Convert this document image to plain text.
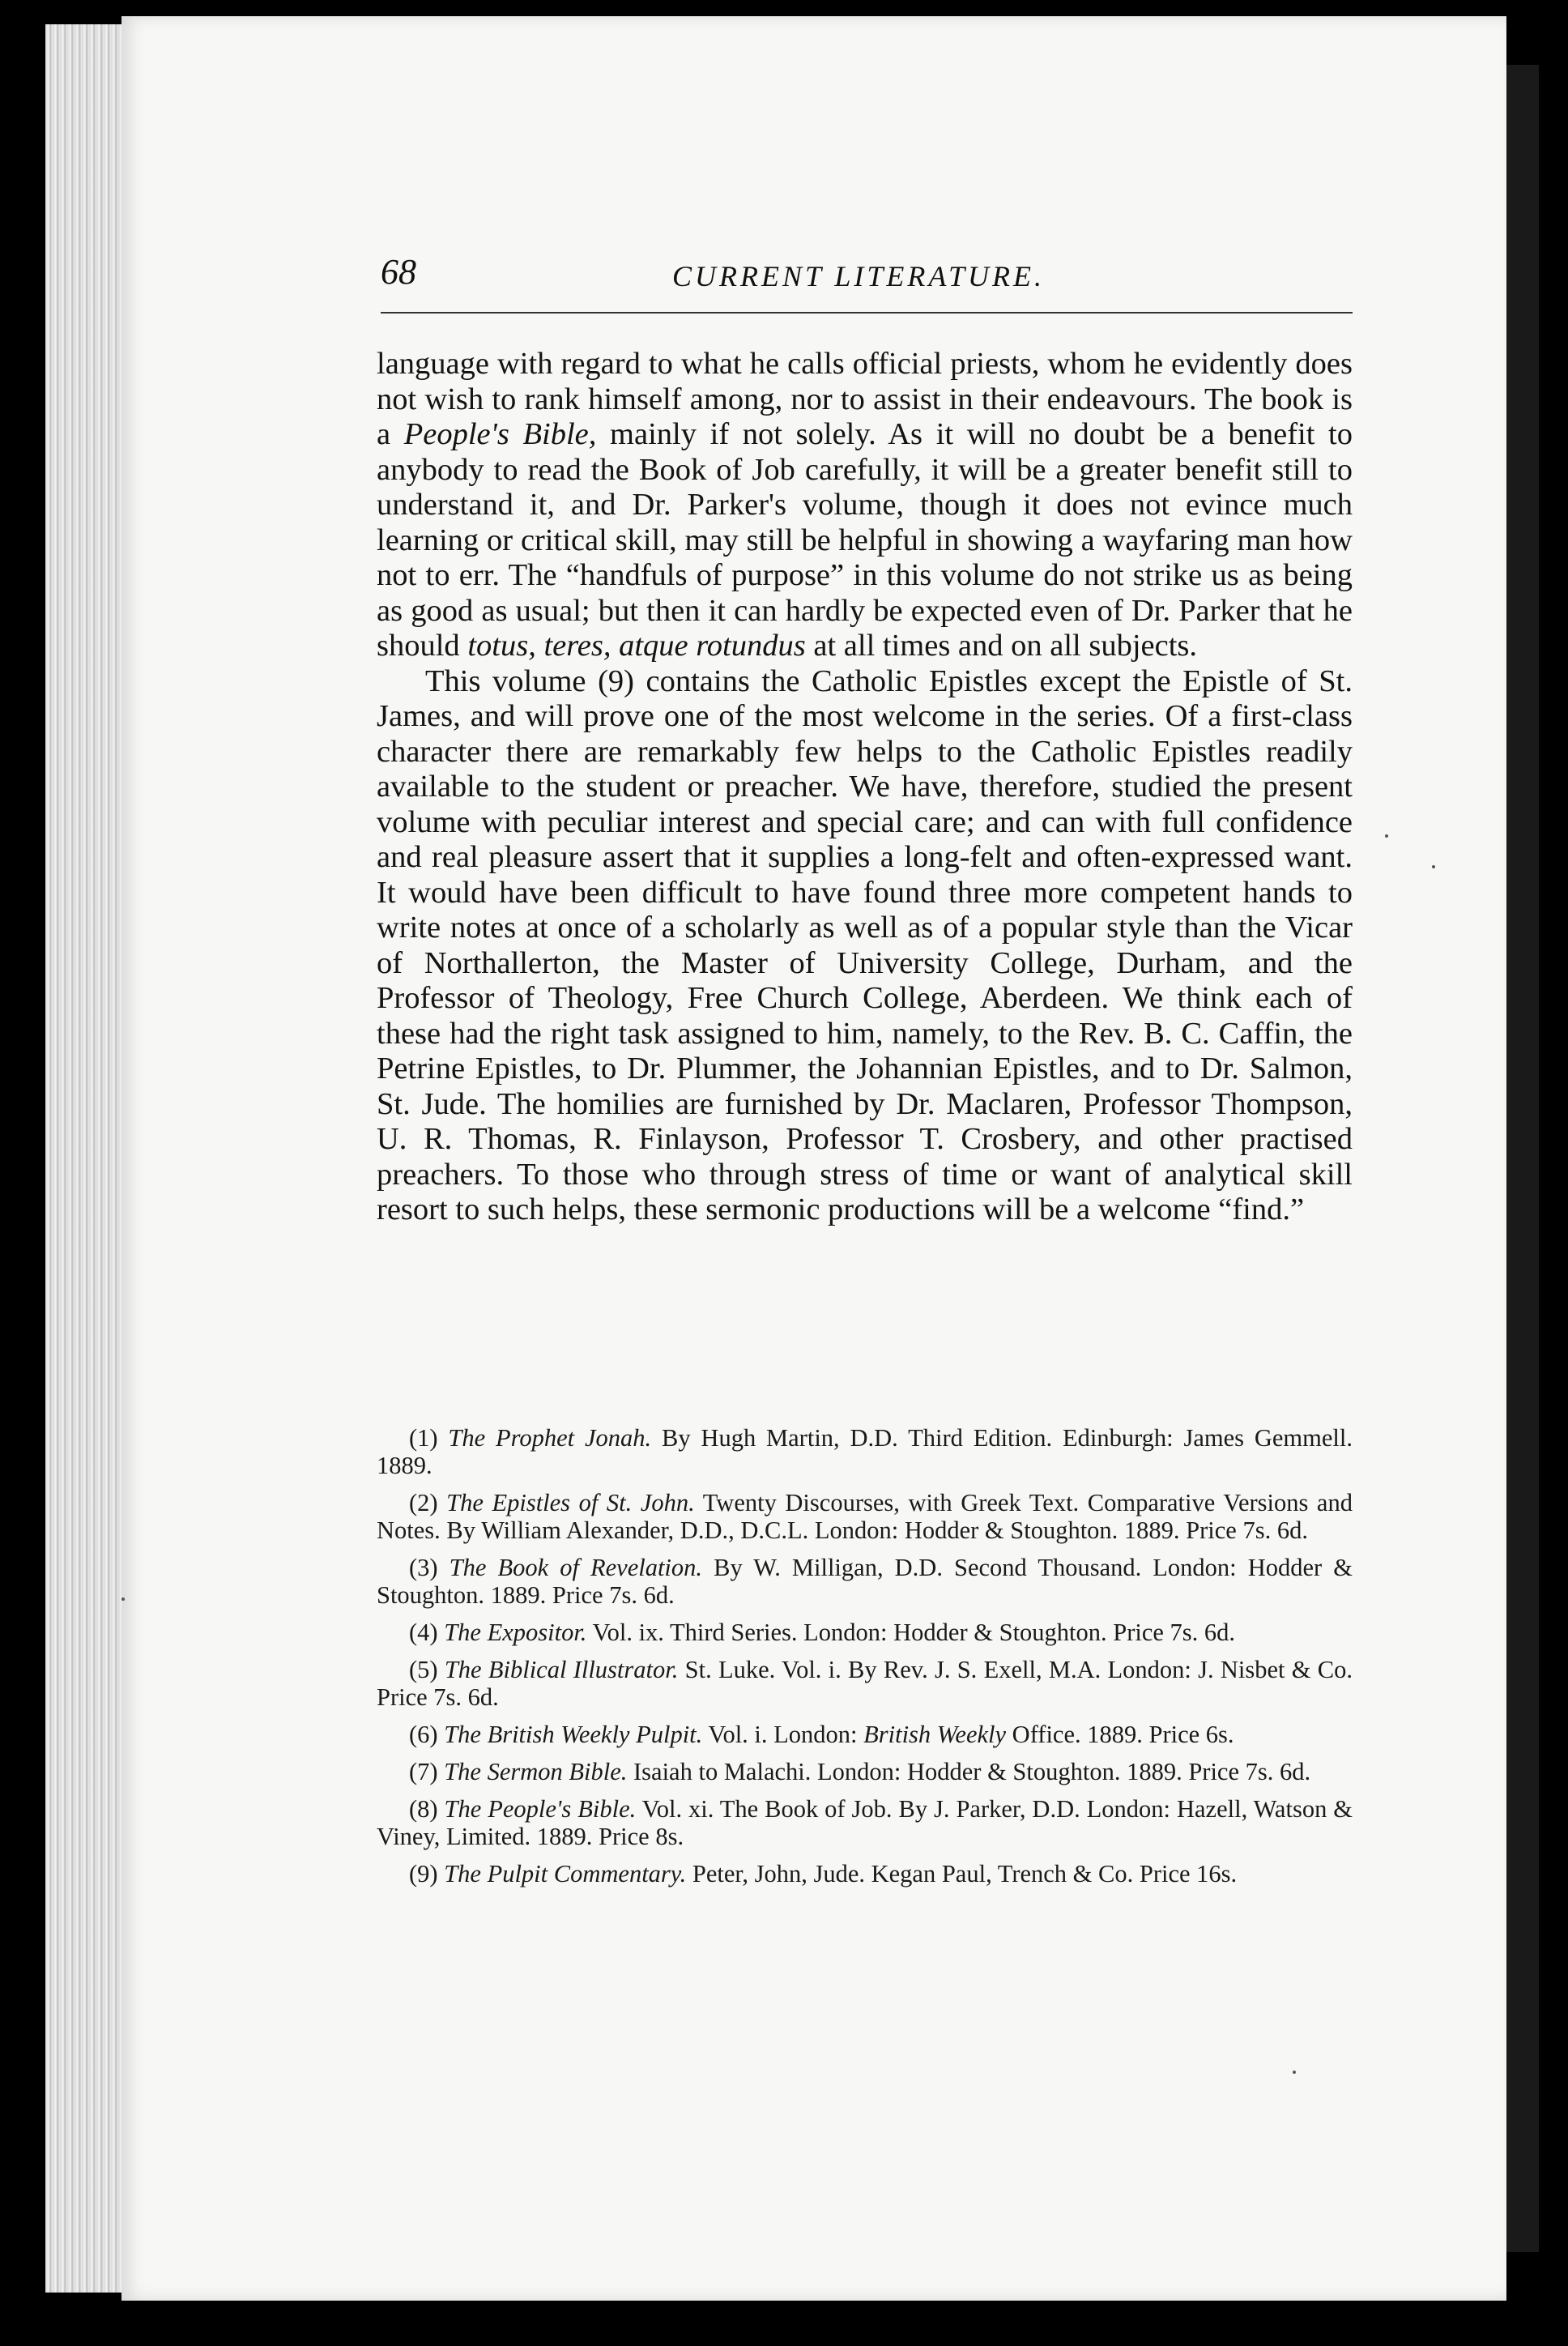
68	CURRENT LITERATURE.

language with regard to what he calls official priests, whom he evidently does not wish to rank himself among, nor to assist in their endeavours. The book is a People's Bible, mainly if not solely. As it will no doubt be a benefit to anybody to read the Book of Job carefully, it will be a greater benefit still to understand it, and Dr. Parker's volume, though it does not evince much learning or critical skill, may still be helpful in showing a wayfaring man how not to err. The “handfuls of purpose” in this volume do not strike us as being as good as usual; but then it can hardly be expected even of Dr. Parker that he should totus, teres, atque rotundus at all times and on all subjects.

This volume (9) contains the Catholic Epistles except the Epistle of St. James, and will prove one of the most welcome in the series. Of a first-class character there are remarkably few helps to the Catholic Epistles readily available to the student or preacher. We have, therefore, studied the present volume with peculiar interest and special care; and can with full confidence and real pleasure assert that it supplies a long-felt and often-expressed want. It would have been difficult to have found three more competent hands to write notes at once of a scholarly as well as of a popular style than the Vicar of Northallerton, the Master of University College, Durham, and the Professor of Theology, Free Church College, Aberdeen. We think each of these had the right task assigned to him, namely, to the Rev. B. C. Caffin, the Petrine Epistles, to Dr. Plummer, the Johannian Epistles, and to Dr. Salmon, St. Jude. The homilies are furnished by Dr. Maclaren, Professor Thompson, U. R. Thomas, R. Finlayson, Professor T. Crosbery, and other practised preachers. To those who through stress of time or want of analytical skill resort to such helps, these sermonic productions will be a welcome “find.”

(1) The Prophet Jonah. By Hugh Martin, D.D. Third Edition. Edinburgh: James Gemmell. 1889.

(2) The Epistles of St. John. Twenty Discourses, with Greek Text. Comparative Versions and Notes. By William Alexander, D.D., D.C.L. London: Hodder & Stoughton. 1889. Price 7s. 6d.

(3) The Book of Revelation. By W. Milligan, D.D. Second Thousand. London: Hodder & Stoughton. 1889. Price 7s. 6d.

(4) The Expositor. Vol. ix. Third Series. London: Hodder & Stoughton. Price 7s. 6d.

(5) The Biblical Illustrator. St. Luke. Vol. i. By Rev. J. S. Exell, M.A. London: J. Nisbet & Co. Price 7s. 6d.

(6) The British Weekly Pulpit. Vol. i. London: British Weekly Office. 1889. Price 6s.

(7) The Sermon Bible. Isaiah to Malachi. London: Hodder & Stoughton. 1889. Price 7s. 6d.

(8) The People's Bible. Vol. xi. The Book of Job. By J. Parker, D.D. London: Hazell, Watson & Viney, Limited. 1889. Price 8s.

(9) The Pulpit Commentary. Peter, John, Jude. Kegan Paul, Trench & Co. Price 16s.
